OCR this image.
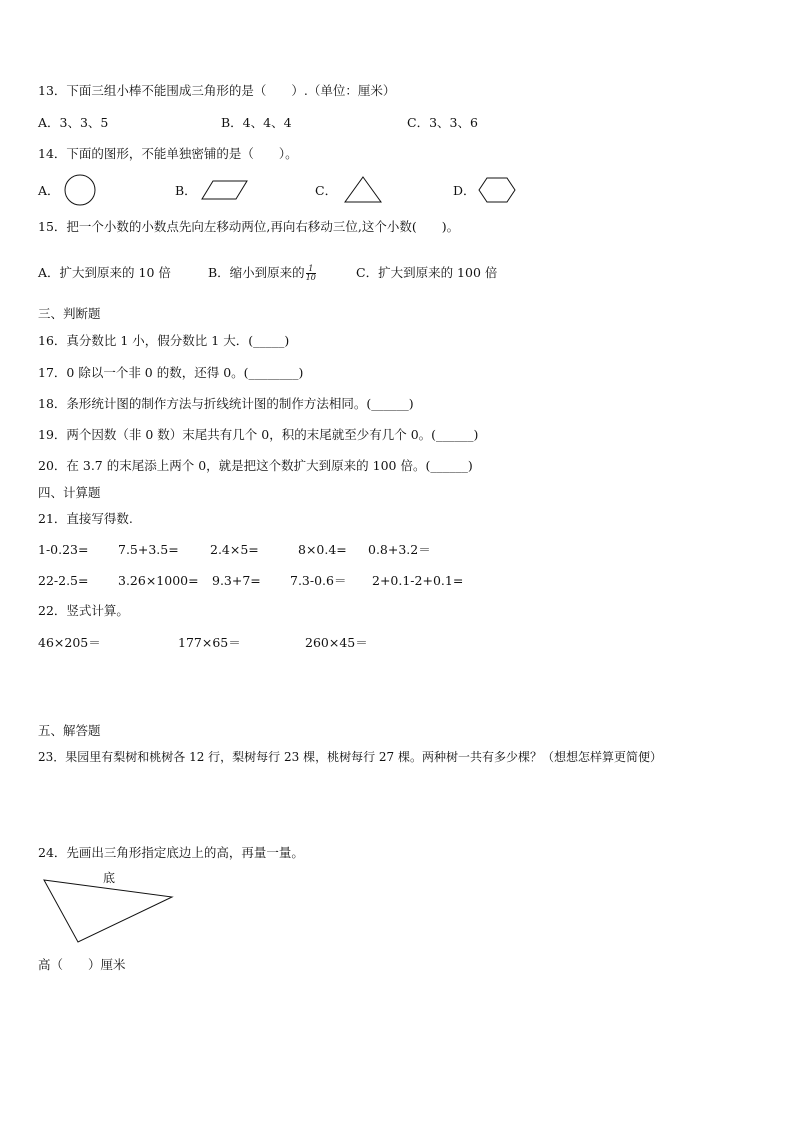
13．下面三组小棒不能围成三角形的是（　　）.（单位：厘米）
A．3、3、5	B．4、4、4	C．3、3、6
14．下面的图形，不能单独密铺的是（　　）。
A．	B．	C．	D．
15．把一个小数的小数点先向左移动两位,再向右移动三位,这个小数(　　)。
A．扩大到原来的 10 倍	B．缩小到原来的 $\frac{1}{10}$	C．扩大到原来的 100 倍
三、判断题
16．真分数比 1 小，假分数比 1 大．(_____)
17．0 除以一个非 0 的数，还得 0。(________)
18．条形统计图的制作方法与折线统计图的制作方法相同。(______)
19．两个因数（非 0 数）末尾共有几个 0，积的末尾就至少有几个 0。(______)
20．在 3.7 的末尾添上两个 0，就是把这个数扩大到原来的 100 倍。(______)
四、计算题
21．直接写得数.
1-0.23= 7.5+3.5=	2.4×5=	8×0.4= 0.8+3.2＝
22-2.5= 3.26×1000= 9.3+7= 7.3-0.6＝ 2+0.1-2+0.1=
22．竖式计算。
46×205＝	177×65＝	260×45＝
五、解答题
23．果园里有梨树和桃树各 12 行，梨树每行 23 棵，桃树每行 27 棵。两种树一共有多少棵？（想想怎样算更简便）
24．先画出三角形指定底边上的高，再量一量。
底
高（　　）厘米
